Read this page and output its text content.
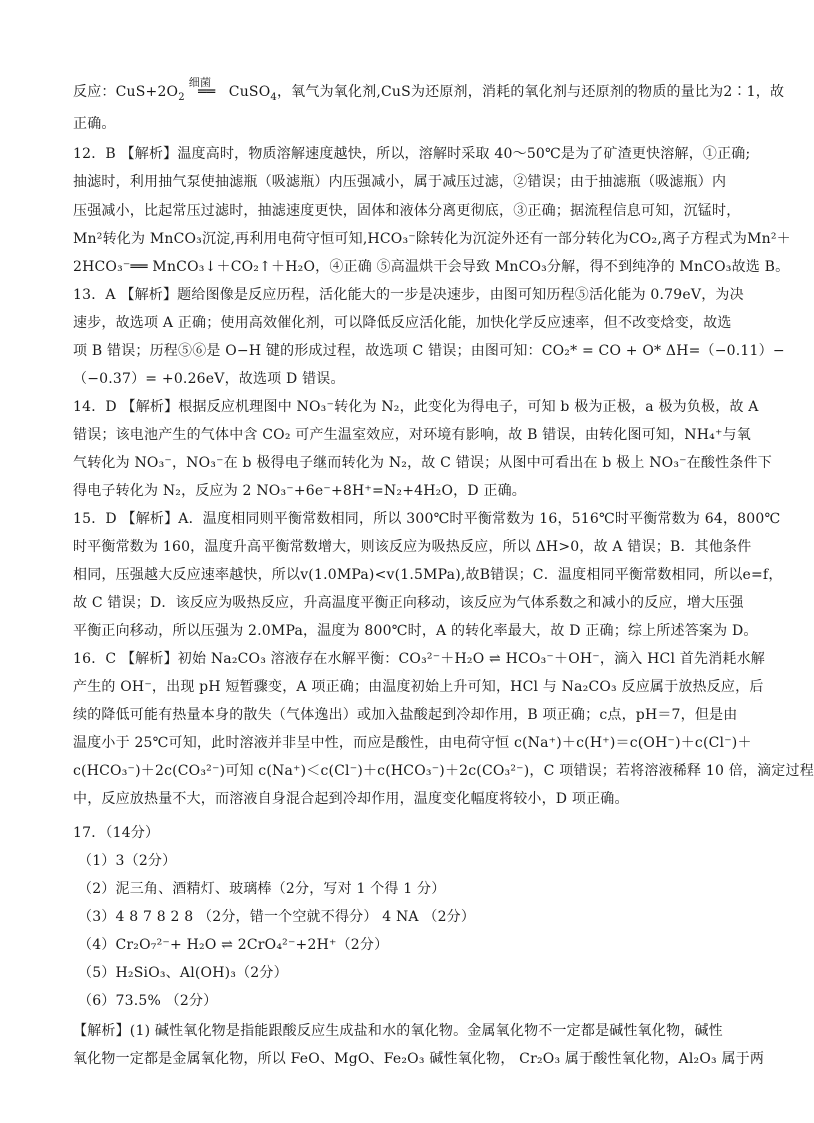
反应：$CuS+2O_2$
细菌
══ CuSO$_4$，氧气为氧化剂,CuS为还原剂，消耗的氧化剂与还原剂的物质的量比为2∶1，故
正确。
12．B 【解析】温度高时，物质溶解速度越快，所以，溶解时采取 40～50℃是为了矿渣更快溶解，①正确;
抽滤时，利用抽气泵使抽滤瓶（吸滤瓶）内压强减小，属于减压过滤，②错误；由于抽滤瓶（吸滤瓶）内
压强减小，比起常压过滤时，抽滤速度更快，固体和液体分离更彻底，③正确；据流程信息可知，沉锰时，
Mn²转化为 MnCO₃沉淀,再利用电荷守恒可知,HCO₃⁻除转化为沉淀外还有一部分转化为CO₂,离子方程式为Mn²＋
2HCO₃⁻══ MnCO₃↓＋CO₂↑＋H₂O，④正确 ⑤高温烘干会导致 MnCO₃分解，得不到纯净的 MnCO₃故选 B。
13．A 【解析】题给图像是反应历程，活化能大的一步是决速步，由图可知历程⑤活化能为 0.79eV，为决
速步，故选项 A 正确；使用高效催化剂，可以降低反应活化能，加快化学反应速率，但不改变焓变，故选
项 B 错误；历程⑤⑥是 O−H 键的形成过程，故选项 C 错误；由图可知：CO₂* = CO + O* ΔH=（−0.11）−
（−0.37）= +0.26eV，故选项 D 错误。
14．D 【解析】根据反应机理图中 NO₃⁻转化为 N₂，此变化为得电子，可知 b 极为正极，a 极为负极，故 A
错误；该电池产生的气体中含 CO₂ 可产生温室效应，对环境有影响，故 B 错误，由转化图可知，NH₄⁺与氧
气转化为 NO₃⁻，NO₃⁻在 b 极得电子继而转化为 N₂，故 C 错误；从图中可看出在 b 极上 NO₃⁻在酸性条件下
得电子转化为 N₂，反应为 2 NO₃⁻+6e⁻+8H⁺=N₂+4H₂O，D 正确。
15．D 【解析】A．温度相同则平衡常数相同，所以 300℃时平衡常数为 16，516℃时平衡常数为 64，800℃
时平衡常数为 160，温度升高平衡常数增大，则该反应为吸热反应，所以 ΔH>0，故 A 错误；B．其他条件
相同，压强越大反应速率越快，所以v(1.0MPa)<v(1.5MPa),故B错误；C．温度相同平衡常数相同，所以e=f，
故 C 错误；D．该反应为吸热反应，升高温度平衡正向移动，该反应为气体系数之和减小的反应，增大压强
平衡正向移动，所以压强为 2.0MPa，温度为 800℃时，A 的转化率最大，故 D 正确；综上所述答案为 D。
16．C 【解析】初始 Na₂CO₃ 溶液存在水解平衡：CO₃²⁻＋H₂O ⇌ HCO₃⁻＋OH⁻，滴入 HCl 首先消耗水解
产生的 OH⁻，出现 pH 短暂骤变，A 项正确；由温度初始上升可知，HCl 与 Na₂CO₃ 反应属于放热反应，后
续的降低可能有热量本身的散失（气体逸出）或加入盐酸起到冷却作用，B 项正确；c点，pH＝7，但是由
温度小于 25℃可知，此时溶液并非呈中性，而应是酸性，由电荷守恒 c(Na⁺)＋c(H⁺)＝c(OH⁻)＋c(Cl⁻)＋
c(HCO₃⁻)＋2c(CO₃²⁻)可知 c(Na⁺)＜c(Cl⁻)＋c(HCO₃⁻)＋2c(CO₃²⁻)，C 项错误；若将溶液稀释 10 倍，滴定过程
中，反应放热量不大，而溶液自身混合起到冷却作用，温度变化幅度将较小，D 项正确。
17．（14分）
（1）3（2分）
（2）泥三角、酒精灯、玻璃棒（2分，写对 1 个得 1 分）
（3）4 8 7 8 2 8 （2分，错一个空就不得分） 4 NA （2分）
（4）Cr₂O₇²⁻+ H₂O ⇌ 2CrO₄²⁻+2H⁺（2分）
（5）H₂SiO₃、Al(OH)₃（2分）
（6）73.5% （2分）
【解析】(1) 碱性氧化物是指能跟酸反应生成盐和水的氧化物。金属氧化物不一定都是碱性氧化物，碱性
氧化物一定都是金属氧化物，所以 FeO、MgO、Fe₂O₃ 碱性氧化物， Cr₂O₃ 属于酸性氧化物，Al₂O₃ 属于两
